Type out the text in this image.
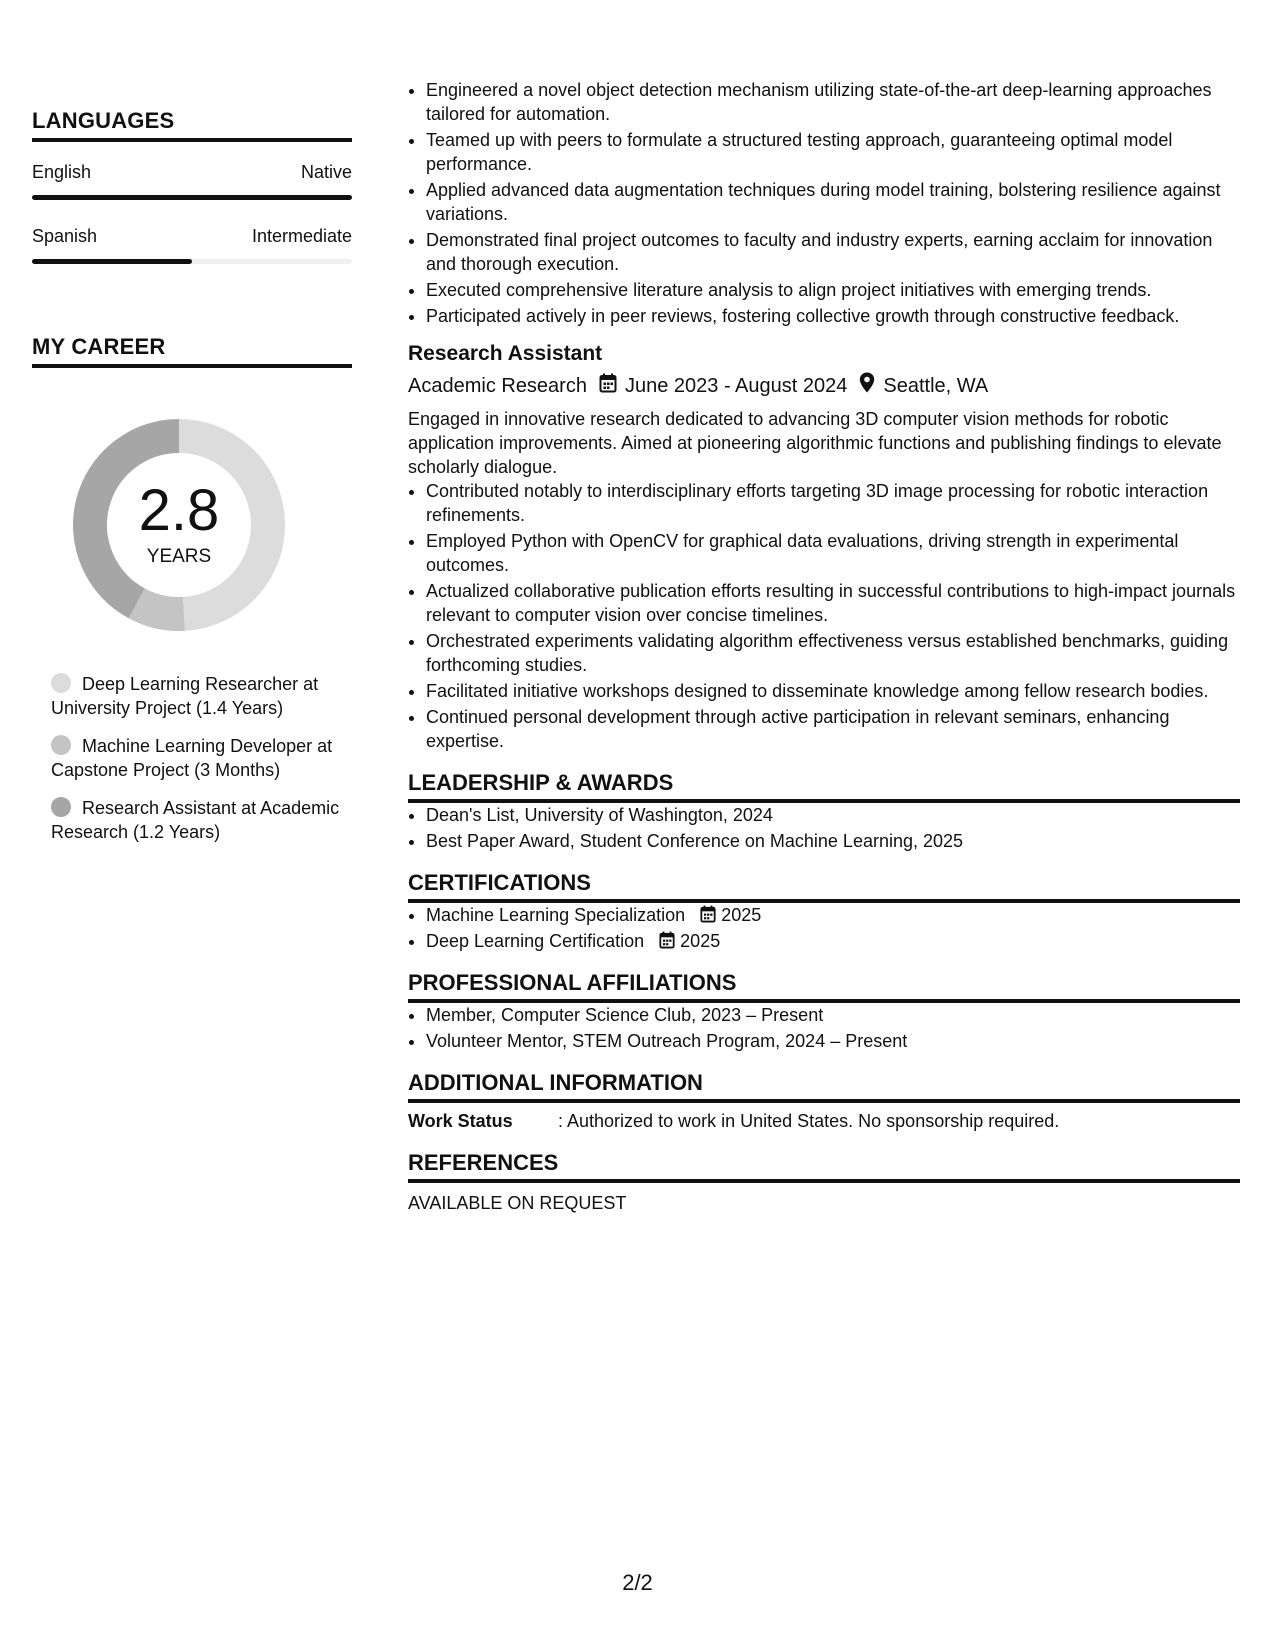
LANGUAGES
English	Native
Spanish	Intermediate
MY CAREER
2.8
YEARS
Deep Learning Researcher at University Project (1.4 Years)
Machine Learning Developer at Capstone Project (3 Months)
Research Assistant at Academic Research (1.2 Years)
• Engineered a novel object detection mechanism utilizing state-of-the-art deep-learning approaches tailored for automation.
• Teamed up with peers to formulate a structured testing approach, guaranteeing optimal model performance.
• Applied advanced data augmentation techniques during model training, bolstering resilience against variations.
• Demonstrated final project outcomes to faculty and industry experts, earning acclaim for innovation and thorough execution.
• Executed comprehensive literature analysis to align project initiatives with emerging trends.
• Participated actively in peer reviews, fostering collective growth through constructive feedback.
Research Assistant
Academic Research June 2023 - August 2024 Seattle, WA
Engaged in innovative research dedicated to advancing 3D computer vision methods for robotic application improvements. Aimed at pioneering algorithmic functions and publishing findings to elevate scholarly dialogue.
• Contributed notably to interdisciplinary efforts targeting 3D image processing for robotic interaction refinements.
• Employed Python with OpenCV for graphical data evaluations, driving strength in experimental outcomes.
• Actualized collaborative publication efforts resulting in successful contributions to high-impact journals relevant to computer vision over concise timelines.
• Orchestrated experiments validating algorithm effectiveness versus established benchmarks, guiding forthcoming studies.
• Facilitated initiative workshops designed to disseminate knowledge among fellow research bodies.
• Continued personal development through active participation in relevant seminars, enhancing expertise.
LEADERSHIP & AWARDS
• Dean's List, University of Washington, 2024
• Best Paper Award, Student Conference on Machine Learning, 2025
CERTIFICATIONS
• Machine Learning Specialization 2025
• Deep Learning Certification 2025
PROFESSIONAL AFFILIATIONS
• Member, Computer Science Club, 2023 – Present
• Volunteer Mentor, STEM Outreach Program, 2024 – Present
ADDITIONAL INFORMATION
Work Status	: Authorized to work in United States. No sponsorship required.
REFERENCES
AVAILABLE ON REQUEST
2/2
